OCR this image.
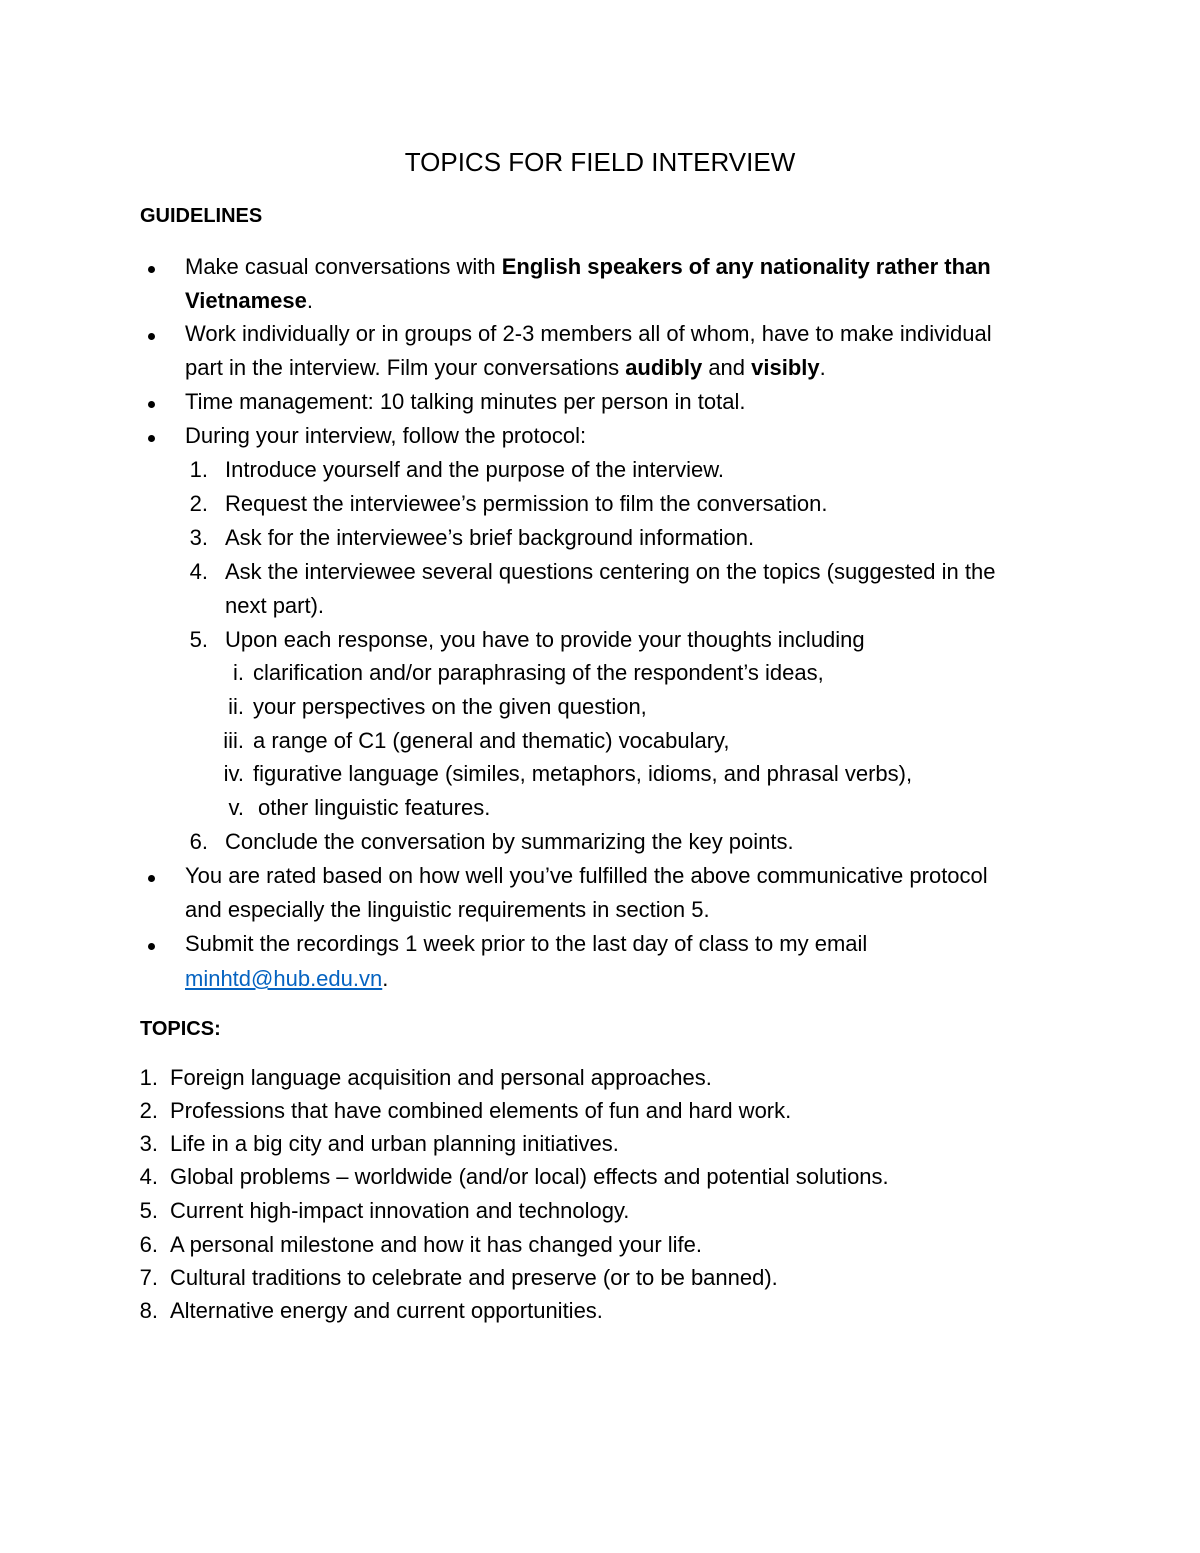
TOPICS FOR FIELD INTERVIEW
GUIDELINES
Make casual conversations with English speakers of any nationality rather than
Vietnamese.
Work individually or in groups of 2-3 members all of whom, have to make individual
part in the interview. Film your conversations audibly and visibly.
Time management: 10 talking minutes per person in total.
During your interview, follow the protocol:
1. Introduce yourself and the purpose of the interview.
2. Request the interviewee’s permission to film the conversation.
3. Ask for the interviewee’s brief background information.
4. Ask the interviewee several questions centering on the topics (suggested in the
next part).
5. Upon each response, you have to provide your thoughts including
i. clarification and/or paraphrasing of the respondent’s ideas,
ii. your perspectives on the given question,
iii. a range of C1 (general and thematic) vocabulary,
iv. figurative language (similes, metaphors, idioms, and phrasal verbs),
v. other linguistic features.
6. Conclude the conversation by summarizing the key points.
You are rated based on how well you’ve fulfilled the above communicative protocol
and especially the linguistic requirements in section 5.
Submit the recordings 1 week prior to the last day of class to my email
minhtd@hub.edu.vn.
TOPICS:
1. Foreign language acquisition and personal approaches.
2. Professions that have combined elements of fun and hard work.
3. Life in a big city and urban planning initiatives.
4. Global problems – worldwide (and/or local) effects and potential solutions.
5. Current high-impact innovation and technology.
6. A personal milestone and how it has changed your life.
7. Cultural traditions to celebrate and preserve (or to be banned).
8. Alternative energy and current opportunities.
